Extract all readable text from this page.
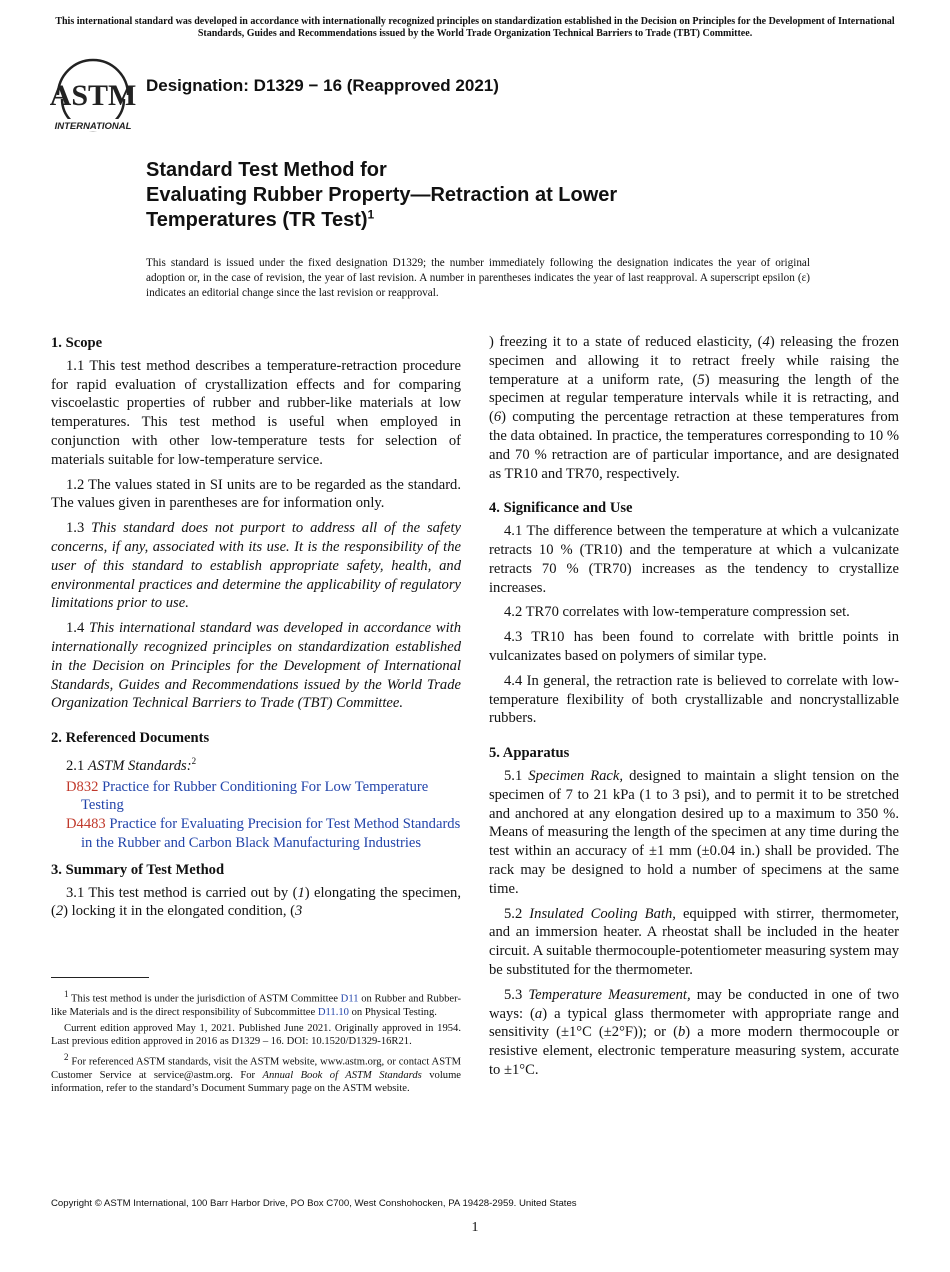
This international standard was developed in accordance with internationally recognized principles on standardization established in the Decision on Principles for the Development of International Standards, Guides and Recommendations issued by the World Trade Organization Technical Barriers to Trade (TBT) Committee.
ASTM
INTERNATIONAL
Designation: D1329 − 16 (Reapproved 2021)
Standard Test Method for
Evaluating Rubber Property—Retraction at Lower
Temperatures (TR Test)$^1$
This standard is issued under the fixed designation D1329; the number immediately following the designation indicates the year of original adoption or, in the case of revision, the year of last revision. A number in parentheses indicates the year of last reapproval. A superscript epsilon (ε) indicates an editorial change since the last revision or reapproval.
1. Scope
1.1 This test method describes a temperature-retraction procedure for rapid evaluation of crystallization effects and for comparing viscoelastic properties of rubber and rubber-like materials at low temperatures. This test method is useful when employed in conjunction with other low-temperature tests for selection of materials suitable for low-temperature service.
1.2 The values stated in SI units are to be regarded as the standard. The values given in parentheses are for information only.
1.3 This standard does not purport to address all of the safety concerns, if any, associated with its use. It is the responsibility of the user of this standard to establish appropriate safety, health, and environmental practices and determine the applicability of regulatory limitations prior to use.
1.4 This international standard was developed in accordance with internationally recognized principles on standardization established in the Decision on Principles for the Development of International Standards, Guides and Recommendations issued by the World Trade Organization Technical Barriers to Trade (TBT) Committee.
2. Referenced Documents
2.1 ASTM Standards:$^2$
D832 Practice for Rubber Conditioning For Low Temperature Testing
D4483 Practice for Evaluating Precision for Test Method Standards in the Rubber and Carbon Black Manufacturing Industries
3. Summary of Test Method
3.1 This test method is carried out by (1) elongating the specimen, (2) locking it in the elongated condition, (3

$^1$ This test method is under the jurisdiction of ASTM Committee D11 on Rubber and Rubber-like Materials and is the direct responsibility of Subcommittee D11.10 on Physical Testing.

Current edition approved May 1, 2021. Published June 2021. Originally approved in 1954. Last previous edition approved in 2016 as D1329 – 16. DOI: 10.1520/D1329-16R21.

$^2$ For referenced ASTM standards, visit the ASTM website, www.astm.org, or contact ASTM Customer Service at service@astm.org. For Annual Book of ASTM Standards volume information, refer to the standard’s Document Summary page on the ASTM website.

) freezing it to a state of reduced elasticity, (4) releasing the frozen specimen and allowing it to retract freely while raising the temperature at a uniform rate, (5) measuring the length of the specimen at regular temperature intervals while it is retracting, and (6) computing the percentage retraction at these temperatures from the data obtained. In practice, the temperatures corresponding to 10 % and 70 % retraction are of particular importance, and are designated as TR10 and TR70, respectively.
4. Significance and Use
4.1 The difference between the temperature at which a vulcanizate retracts 10 % (TR10) and the temperature at which a vulcanizate retracts 70 % (TR70) increases as the tendency to crystallize increases.
4.2 TR70 correlates with low-temperature compression set.
4.3 TR10 has been found to correlate with brittle points in vulcanizates based on polymers of similar type.
4.4 In general, the retraction rate is believed to correlate with low-temperature flexibility of both crystallizable and noncrystallizable rubbers.
5. Apparatus
5.1 Specimen Rack, designed to maintain a slight tension on the specimen of 7 to 21 kPa (1 to 3 psi), and to permit it to be stretched and anchored at any elongation desired up to a maximum to 350 %. Means of measuring the length of the specimen at any time during the test within an accuracy of ±1 mm (±0.04 in.) shall be provided. The rack may be designed to hold a number of specimens at the same time.
5.2 Insulated Cooling Bath, equipped with stirrer, thermometer, and an immersion heater. A rheostat shall be included in the heater circuit. A suitable thermocouple-potentiometer measuring system may be substituted for the thermometer.
5.3 Temperature Measurement, may be conducted in one of two ways: (a) a typical glass thermometer with appropriate range and sensitivity (±1°C (±2°F)); or (b) a more modern thermocouple or resistive element, electronic temperature measuring system, accurate to ±1°C.
Copyright © ASTM International, 100 Barr Harbor Drive, PO Box C700, West Conshohocken, PA 19428-2959. United States
1
